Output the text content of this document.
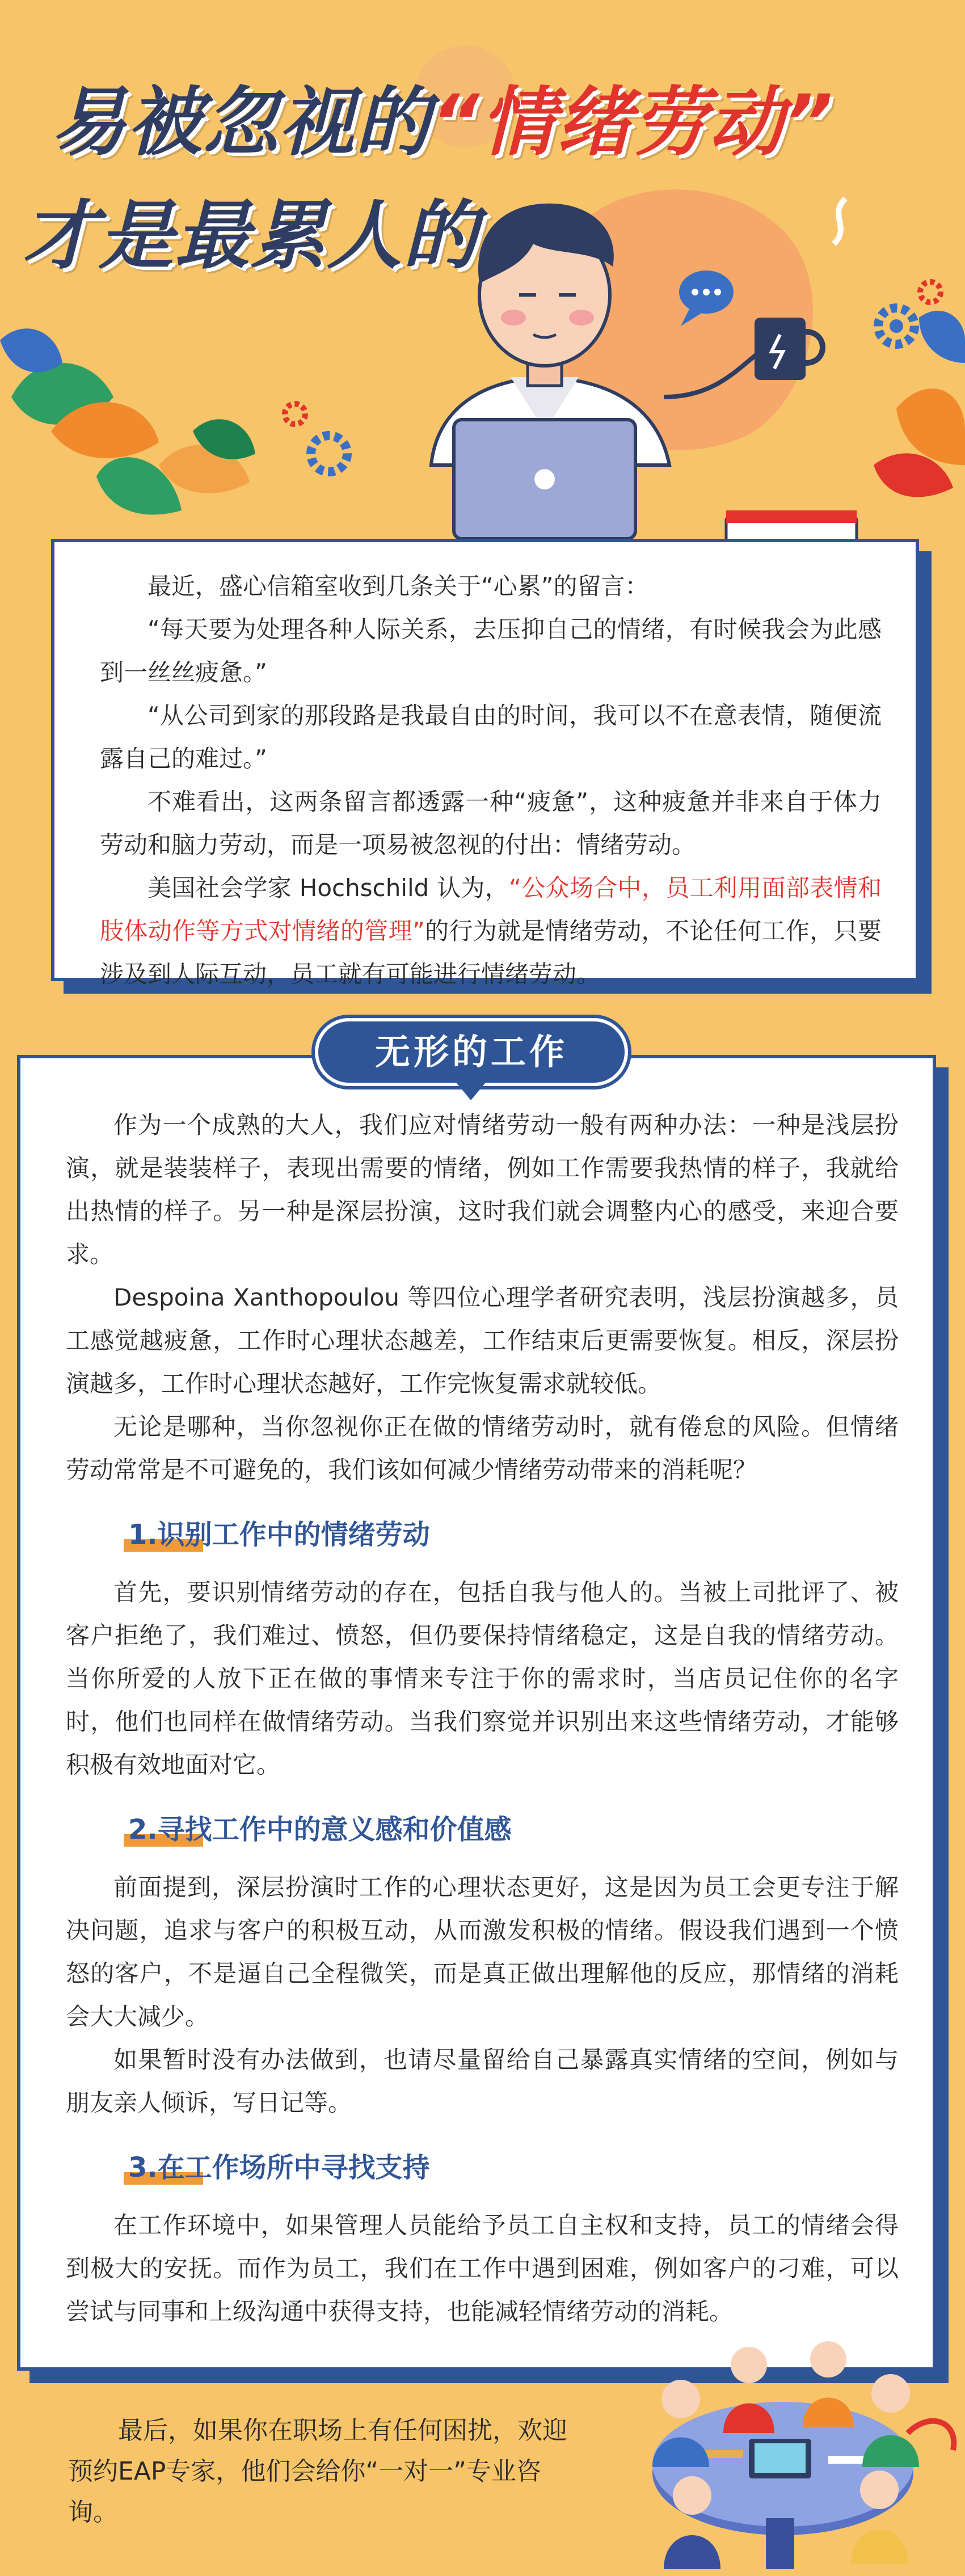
易被忽视的“情绪劳动”
才是最累人的

最近，盛心信箱室收到几条关于“心累”的留言：

“每天要为处理各种人际关系，去压抑自己的情绪，有时候我会为此感到一丝丝疲惫。”

“从公司到家的那段路是我最自由的时间，我可以不在意表情，随便流露自己的难过。”

不难看出，这两条留言都透露一种“疲惫”，这种疲惫并非来自于体力劳动和脑力劳动，而是一项易被忽视的付出：情绪劳动。

美国社会学家 Hochschild 认为，“公众场合中，员工利用面部表情和肢体动作等方式对情绪的管理”的行为就是情绪劳动，不论任何工作，只要涉及到人际互动，员工就有可能进行情绪劳动。

作为一个成熟的大人，我们应对情绪劳动一般有两种办法：一种是浅层扮演，就是装装样子，表现出需要的情绪，例如工作需要我热情的样子，我就给出热情的样子。另一种是深层扮演，这时我们就会调整内心的感受，来迎合要求。

Despoina Xanthopoulou 等四位心理学者研究表明，浅层扮演越多，员工感觉越疲惫，工作时心理状态越差，工作结束后更需要恢复。相反，深层扮演越多，工作时心理状态越好，工作完恢复需求就较低。

无论是哪种，当你忽视你正在做的情绪劳动时，就有倦怠的风险。但情绪劳动常常是不可避免的，我们该如何减少情绪劳动带来的消耗呢？

1.识别工作中的情绪劳动

首先，要识别情绪劳动的存在，包括自我与他人的。当被上司批评了、被客户拒绝了，我们难过、愤怒，但仍要保持情绪稳定，这是自我的情绪劳动。当你所爱的人放下正在做的事情来专注于你的需求时，当店员记住你的名字时，他们也同样在做情绪劳动。当我们察觉并识别出来这些情绪劳动，才能够积极有效地面对它。

2.寻找工作中的意义感和价值感

前面提到，深层扮演时工作的心理状态更好，这是因为员工会更专注于解决问题，追求与客户的积极互动，从而激发积极的情绪。假设我们遇到一个愤怒的客户，不是逼自己全程微笑，而是真正做出理解他的反应，那情绪的消耗会大大减少。

如果暂时没有办法做到，也请尽量留给自己暴露真实情绪的空间，例如与朋友亲人倾诉，写日记等。

3.在工作场所中寻找支持

在工作环境中，如果管理人员能给予员工自主权和支持，员工的情绪会得到极大的安抚。而作为员工，我们在工作中遇到困难，例如客户的刁难，可以尝试与同事和上级沟通中获得支持，也能减轻情绪劳动的消耗。

无形的工作
最后，如果你在职场上有任何困扰，欢迎预约EAP专家，他们会给你“一对一”专业咨询。
